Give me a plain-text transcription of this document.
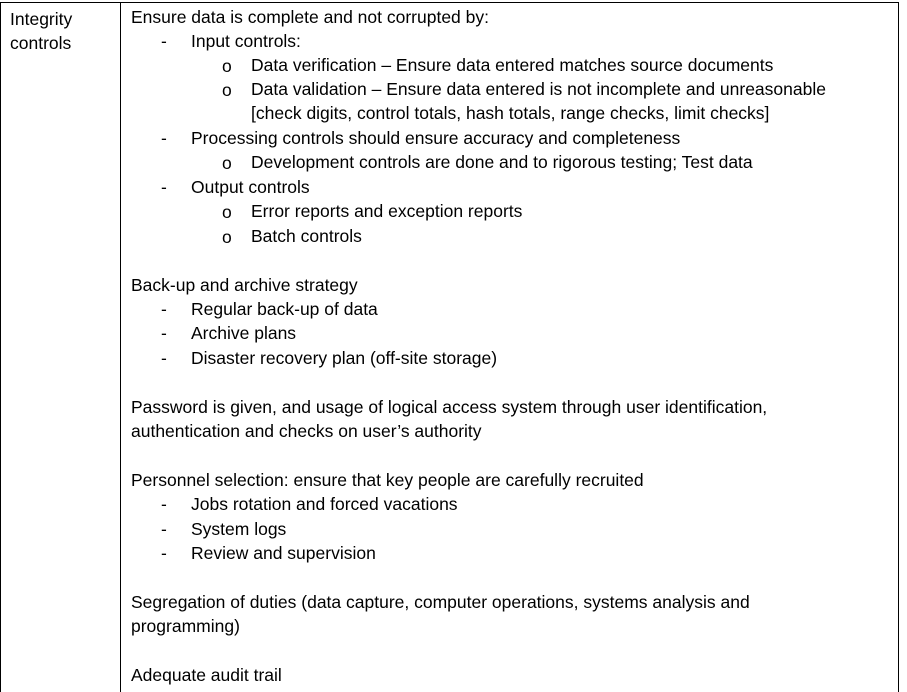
Integrity
controls
Ensure data is complete and not corrupted by:
- Input controls:
o Data verification – Ensure data entered matches source documents
o Data validation – Ensure data entered is not incomplete and unreasonable
[check digits, control totals, hash totals, range checks, limit checks]
- Processing controls should ensure accuracy and completeness
o Development controls are done and to rigorous testing; Test data
- Output controls
o Error reports and exception reports
o Batch controls
Back-up and archive strategy
- Regular back-up of data
- Archive plans
- Disaster recovery plan (off-site storage)
Password is given, and usage of logical access system through user identification,
authentication and checks on user’s authority
Personnel selection: ensure that key people are carefully recruited
- Jobs rotation and forced vacations
- System logs
- Review and supervision
Segregation of duties (data capture, computer operations, systems analysis and
programming)
Adequate audit trail
